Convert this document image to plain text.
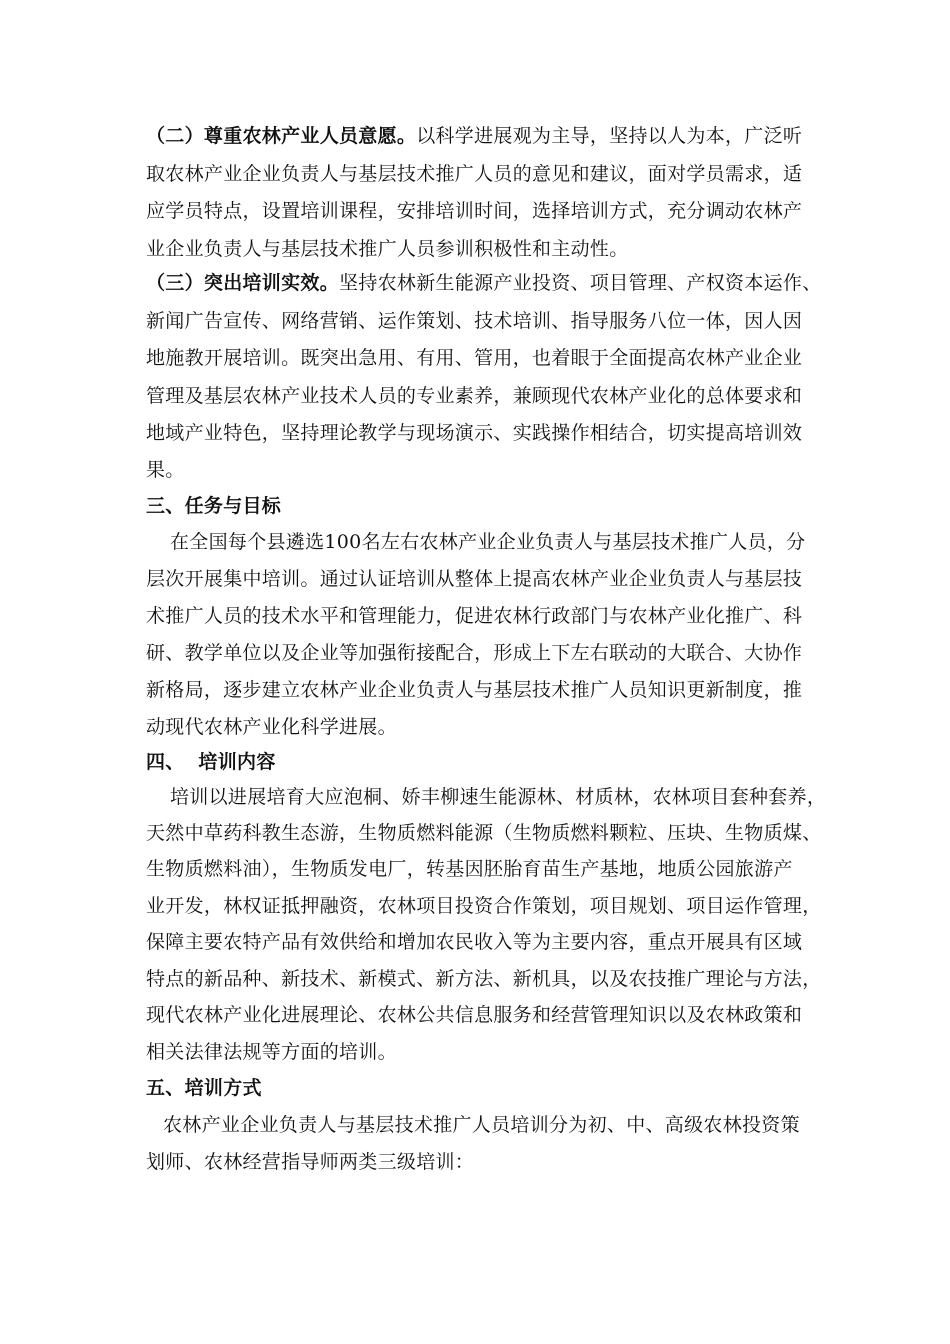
（二）尊重农林产业人员意愿。以科学进展观为主导，坚持以人为本，广泛听
取农林产业企业负责人与基层技术推广人员的意见和建议，面对学员需求，适
应学员特点，设置培训课程，安排培训时间，选择培训方式，充分调动农林产
业企业负责人与基层技术推广人员参训积极性和主动性。
（三）突出培训实效。坚持农林新生能源产业投资、项目管理、产权资本运作、
新闻广告宣传、网络营销、运作策划、技术培训、指导服务八位一体，因人因
地施教开展培训。既突出急用、有用、管用，也着眼于全面提高农林产业企业
管理及基层农林产业技术人员的专业素养，兼顾现代农林产业化的总体要求和
地域产业特色，坚持理论教学与现场演示、实践操作相结合，切实提高培训效
果。
三、任务与目标
在全国每个县遴选100名左右农林产业企业负责人与基层技术推广人员，分
层次开展集中培训。通过认证培训从整体上提高农林产业企业负责人与基层技
术推广人员的技术水平和管理能力，促进农林行政部门与农林产业化推广、科
研、教学单位以及企业等加强衔接配合，形成上下左右联动的大联合、大协作
新格局，逐步建立农林产业企业负责人与基层技术推广人员知识更新制度，推
动现代农林产业化科学进展。
四、  培训内容
培训以进展培育大应泡桐、娇丰柳速生能源林、材质林，农林项目套种套养，
天然中草药科教生态游，生物质燃料能源（生物质燃料颗粒、压块、生物质煤、
生物质燃料油），生物质发电厂，转基因胚胎育苗生产基地，地质公园旅游产
业开发，林权证抵押融资，农林项目投资合作策划，项目规划、项目运作管理，
保障主要农特产品有效供给和增加农民收入等为主要内容，重点开展具有区域
特点的新品种、新技术、新模式、新方法、新机具，以及农技推广理论与方法，
现代农林产业化进展理论、农林公共信息服务和经营管理知识以及农林政策和
相关法律法规等方面的培训。
五、培训方式
农林产业企业负责人与基层技术推广人员培训分为初、中、高级农林投资策
划师、农林经营指导师两类三级培训：
